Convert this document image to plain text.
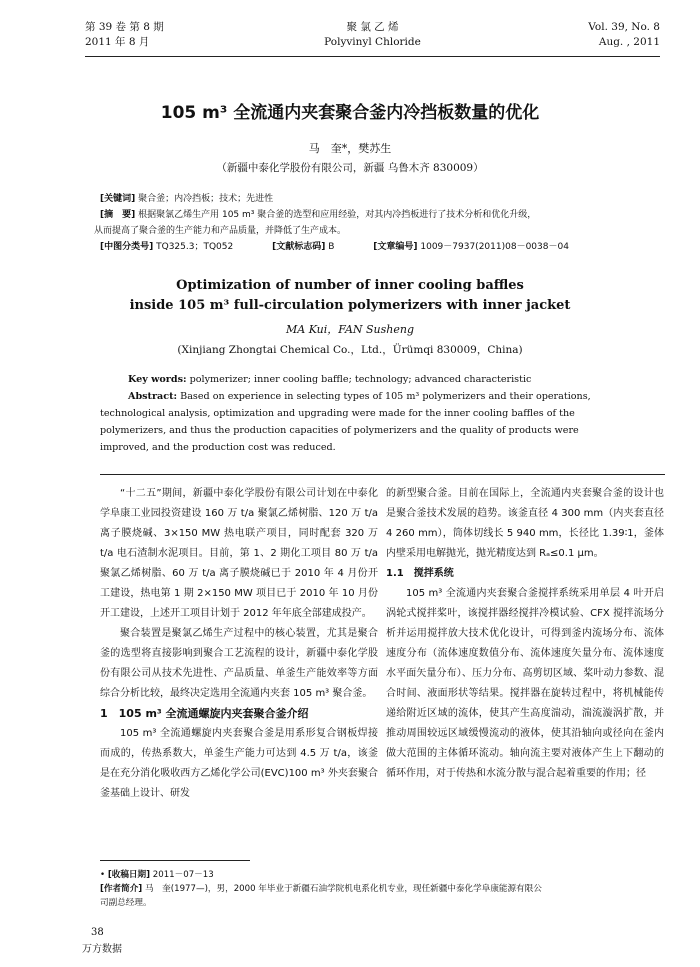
第 39 卷 第 8 期
2011 年 8 月
聚 氯 乙 烯
Polyvinyl Chloride
Vol. 39, No. 8
Aug. , 2011
105 m³ 全流通内夹套聚合釜内冷挡板数量的优化
马　奎*，樊苏生
（新疆中泰化学股份有限公司，新疆 乌鲁木齐 830009）

[关键词] 聚合釜；内冷挡板；技术；先进性

[摘　要] 根据聚氯乙烯生产用 105 m³ 聚合釜的选型和应用经验，对其内冷挡板进行了技术分析和优化升级，

从而提高了聚合釜的生产能力和产品质量，并降低了生产成本。

[中图分类号] TQ325.3；TQ052	[文献标志码] B	[文章编号] 1009－7937(2011)08－0038－04

Optimization of number of inner cooling baffles
inside 105 m³ full-circulation polymerizers with inner jacket
MA Kui，FAN Susheng
(Xinjiang Zhongtai Chemical Co.，Ltd.，Ürümqi 830009，China)

Key words: polymerizer; inner cooling baffle; technology; advanced characteristic

Abstract: Based on experience in selecting types of 105 m³ polymerizers and their operations,

technological analysis, optimization and upgrading were made for the inner cooling baffles of the

polymerizers, and thus the production capacities of polymerizers and the quality of products were

improved, and the production cost was reduced.

“十二五”期间，新疆中泰化学股份有限公司计划在中泰化学阜康工业园投资建设 160 万 t/a 聚氯乙烯树脂、120 万 t/a 离子膜烧碱、3×150 MW 热电联产项目，同时配套 320 万 t/a 电石渣制水泥项目。目前，第 1、2 期化工项目 80 万 t/a 聚氯乙烯树脂、60 万 t/a 离子膜烧碱已于 2010 年 4 月份开工建设，热电第 1 期 2×150 MW 项目已于 2010 年 10 月份开工建设，上述开工项目计划于 2012 年年底全部建成投产。

聚合装置是聚氯乙烯生产过程中的核心装置，尤其是聚合釜的选型将直接影响到聚合工艺流程的设计，新疆中泰化学股份有限公司从技术先进性、产品质量、单釜生产能效率等方面综合分析比较，最终决定选用全流通内夹套 105 m³ 聚合釜。

1　105 m³ 全流通螺旋内夹套聚合釜介绍

105 m³ 全流通螺旋内夹套聚合釜是用系形复合钢板焊接而成的，传热系数大，单釜生产能力可达到 4.5 万 t/a，该釜是在充分消化吸收西方乙烯化学公司(EVC)100 m³ 外夹套聚合釜基础上设计、研发

的新型聚合釜。目前在国际上，全流通内夹套聚合釜的设计也是聚合釜技术发展的趋势。该釜直径 4 300 mm（内夹套直径 4 260 mm），筒体切线长 5 940 mm，长径比 1.39∶1，釜体内壁采用电解抛光，抛光精度达到 Rₐ≤0.1 μm。

1.1　搅拌系统

105 m³ 全流通内夹套聚合釜搅拌系统采用单层 4 叶开启涡轮式搅拌桨叶，该搅拌器经搅拌冷模试验、CFX 搅拌流场分析并运用搅拌放大技术优化设计，可得到釜内流场分布、流体速度分布（流体速度数值分布、流体速度矢量分布、流体速度水平面矢量分布）、压力分布、高剪切区域、桨叶动力参数、混合时间、液面形状等结果。搅拌器在旋转过程中，将机械能传递给附近区域的流体，使其产生高度湍动，湍流漩涡扩散，并推动周围较远区域缓慢流动的液体，使其沿轴向或径向在釜内做大范围的主体循环流动。轴向流主要对液体产生上下翻动的循环作用，对于传热和水流分散与混合起着重要的作用；径

• [收稿日期] 2011－07－13

[作者简介] 马　奎(1977—)，男，2000 年毕业于新疆石油学院机电系化机专业，现任新疆中泰化学阜康能源有限公

司副总经理。

38
万方数据
